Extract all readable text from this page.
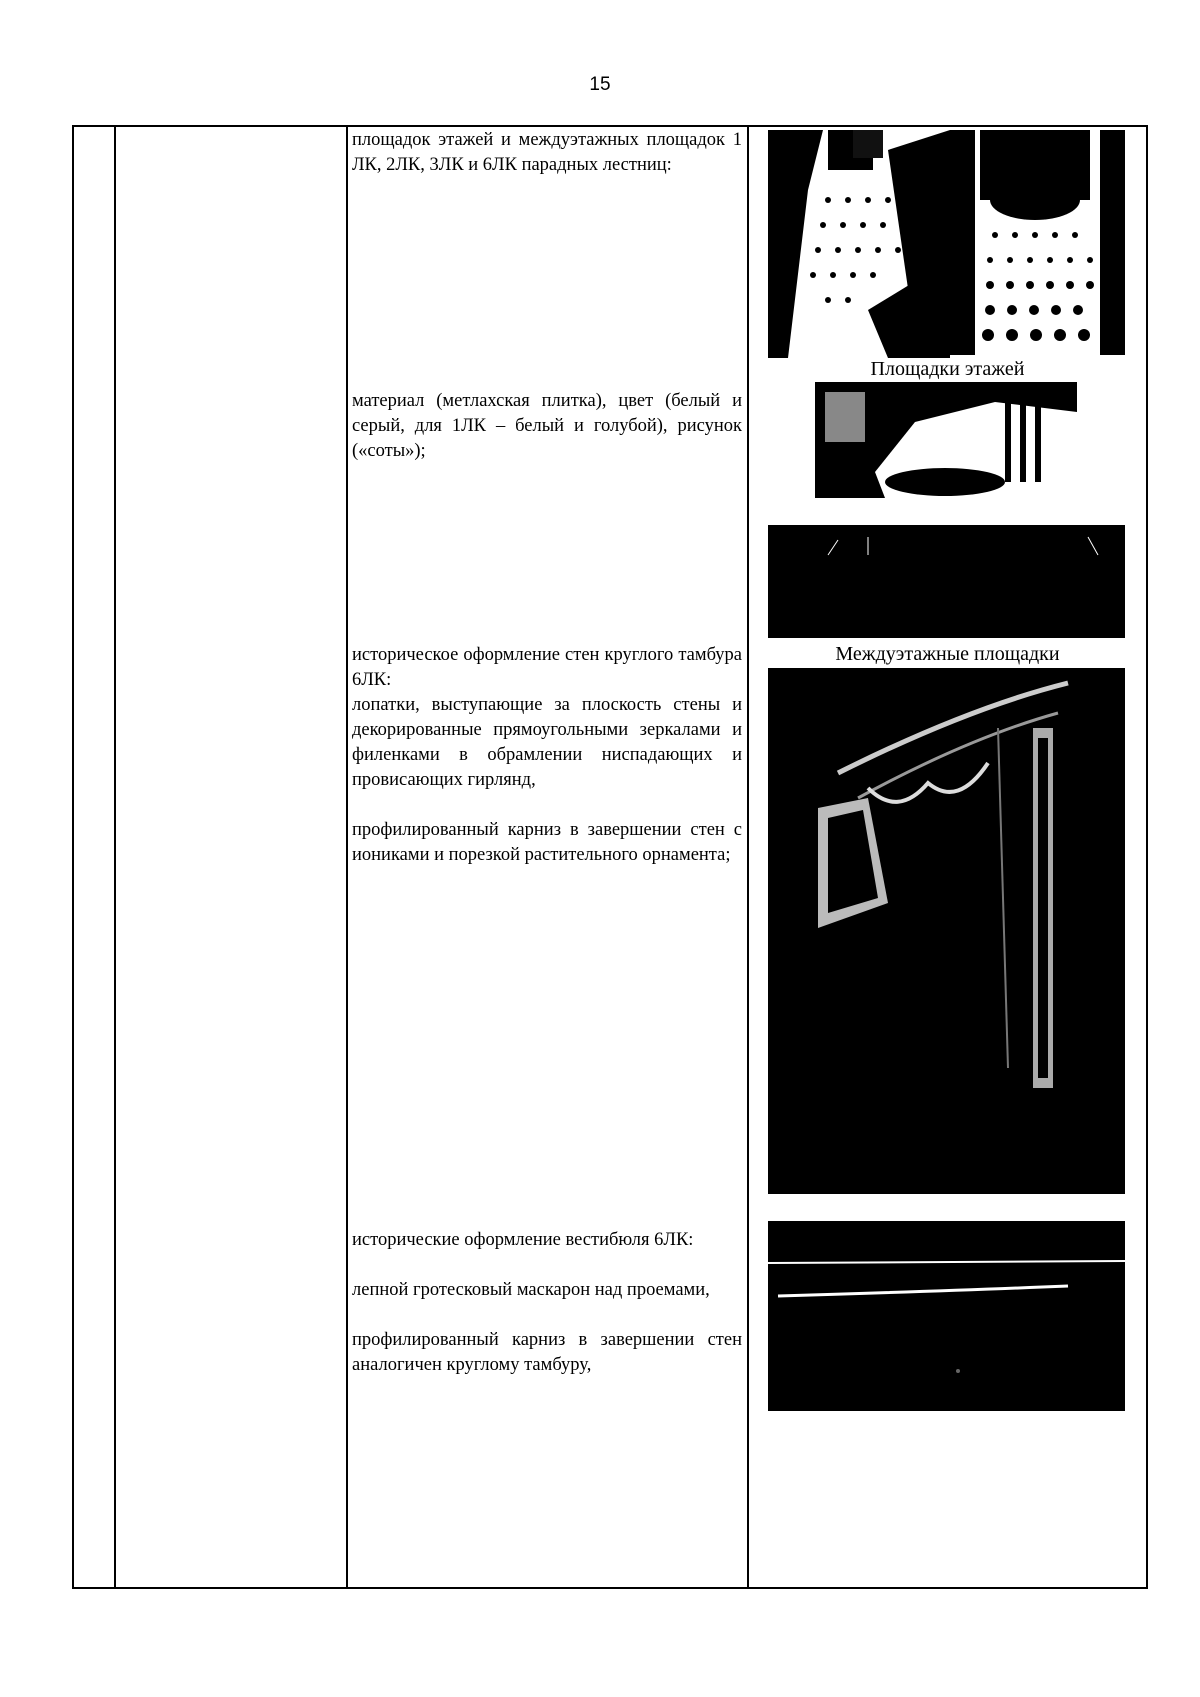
15

площадок этажей и междуэтажных площадок 1 ЛК, 2ЛК, 3ЛК и 6ЛК парадных лестниц:

материал (метлахская плитка), цвет (белый и серый, для 1ЛК – белый и голубой), рисунок («соты»);

историческое оформление стен круглого тамбура 6ЛК:

лопатки, выступающие за плоскость стены и декорированные прямоугольными зеркалами и филенками в обрамлении ниспадающих и провисающих гирлянд,

профилированный карниз в завершении стен с иониками и порезкой растительного орнамента;

исторические оформление вестибюля 6ЛК:

лепной гротесковый маскарон над проемами,

профилированный карниз в завершении стен аналогичен круглому тамбуру,

Площадки этажей
Междуэтажные площадки
